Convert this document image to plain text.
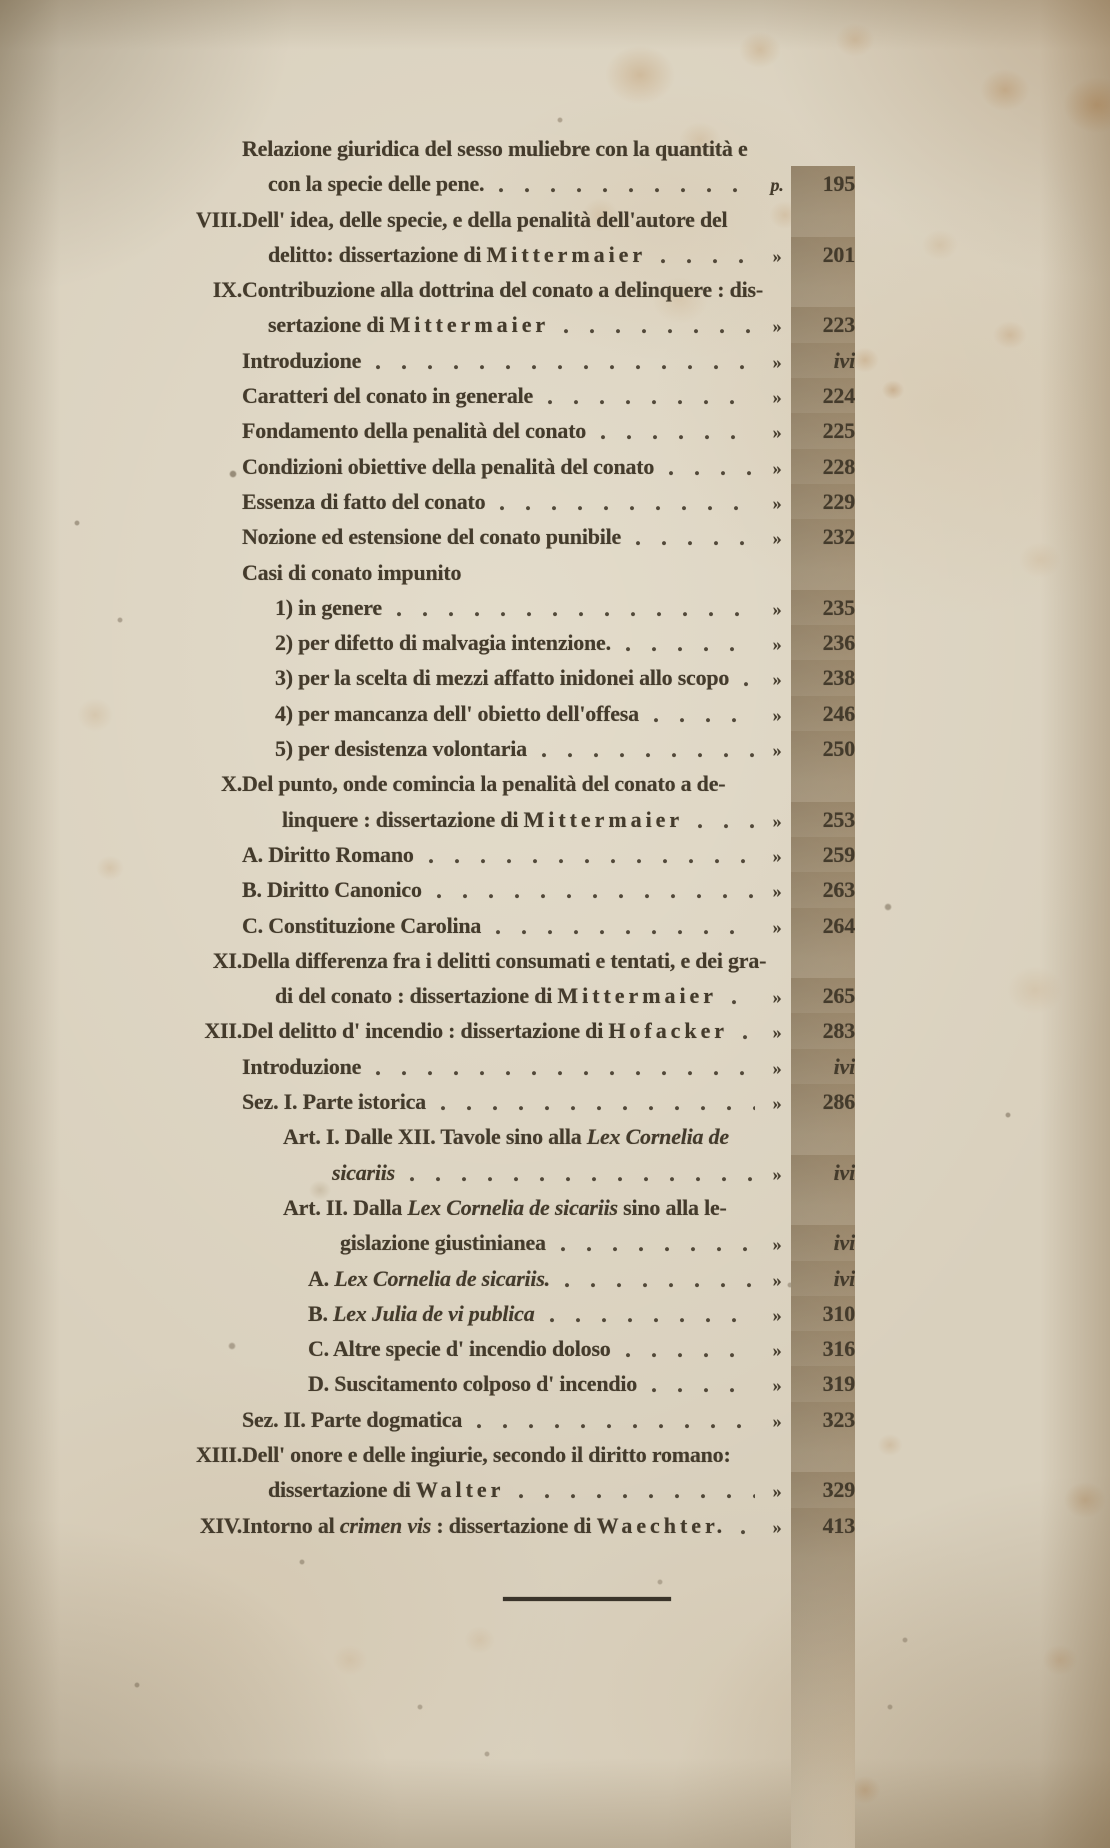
Relazione giuridica del sesso muliebre con la quantità e
con la specie delle pene.	p.	195
VIII. Dell' idea, delle specie, e della penalità dell'autore del
delitto: dissertazione di Mittermaier	»	201
IX. Contribuzione alla dottrina del conato a delinquere : dis-
sertazione di Mittermaier	»	223
Introduzione	»	ivi
Caratteri del conato in generale	»	224
Fondamento della penalità del conato	»	225
Condizioni obiettive della penalità del conato	»	228
Essenza di fatto del conato	»	229
Nozione ed estensione del conato punibile	»	232
Casi di conato impunito
1) in genere	»	235
2) per difetto di malvagia intenzione.	»	236
3) per la scelta di mezzi affatto inidonei allo scopo	»	238
4) per mancanza dell' obietto dell'offesa	»	246
5) per desistenza volontaria	»	250
X. Del punto, onde comincia la penalità del conato a de-
linquere : dissertazione di Mittermaier	»	253
A. Diritto Romano	»	259
B. Diritto Canonico	»	263
C. Constituzione Carolina	»	264
XI. Della differenza fra i delitti consumati e tentati, e dei gra-
di del conato : dissertazione di Mittermaier	»	265
XII. Del delitto d' incendio : dissertazione di Hofacker	»	283
Introduzione	»	ivi
Sez. I. Parte istorica	»	286
Art. I. Dalle XII. Tavole sino alla Lex Cornelia de
sicariis	»	ivi
Art. II. Dalla Lex Cornelia de sicariis sino alla le-
gislazione giustinianea	»	ivi
A. Lex Cornelia de sicariis.	»	ivi
B. Lex Julia de vi publica	»	310
C. Altre specie d' incendio doloso	»	316
D. Suscitamento colposo d' incendio	»	319
Sez. II. Parte dogmatica	»	323
XIII. Dell' onore e delle ingiurie, secondo il diritto romano:
dissertazione di Walter	»	329
XIV. Intorno al crimen vis : dissertazione di Waechter.	»	413
